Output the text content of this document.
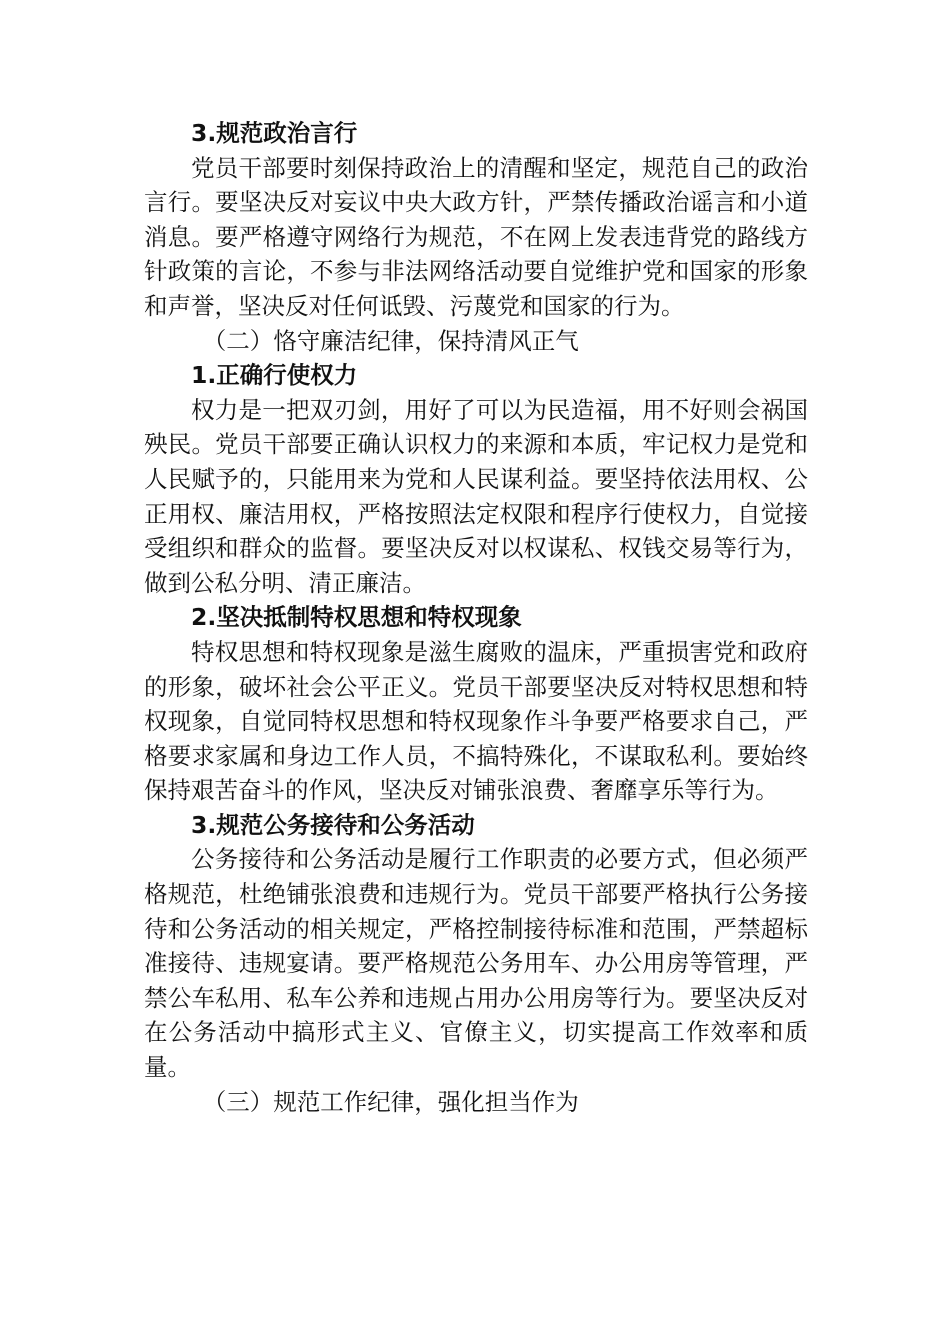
3.规范政治言行

党员干部要时刻保持政治上的清醒和坚定，规范自己的政治言行。要坚决反对妄议中央大政方针，严禁传播政治谣言和小道消息。要严格遵守网络行为规范，不在网上发表违背党的路线方针政策的言论，不参与非法网络活动要自觉维护党和国家的形象和声誉，坚决反对任何诋毁、污蔑党和国家的行为。

（二）恪守廉洁纪律，保持清风正气

1.正确行使权力

权力是一把双刃剑，用好了可以为民造福，用不好则会祸国殃民。党员干部要正确认识权力的来源和本质，牢记权力是党和人民赋予的，只能用来为党和人民谋利益。要坚持依法用权、公正用权、廉洁用权，严格按照法定权限和程序行使权力，自觉接受组织和群众的监督。要坚决反对以权谋私、权钱交易等行为，做到公私分明、清正廉洁。

2.坚决抵制特权思想和特权现象

特权思想和特权现象是滋生腐败的温床，严重损害党和政府的形象，破坏社会公平正义。党员干部要坚决反对特权思想和特权现象，自觉同特权思想和特权现象作斗争要严格要求自己，严格要求家属和身边工作人员，不搞特殊化，不谋取私利。要始终保持艰苦奋斗的作风，坚决反对铺张浪费、奢靡享乐等行为。

3.规范公务接待和公务活动

公务接待和公务活动是履行工作职责的必要方式，但必须严格规范，杜绝铺张浪费和违规行为。党员干部要严格执行公务接待和公务活动的相关规定，严格控制接待标准和范围，严禁超标准接待、违规宴请。要严格规范公务用车、办公用房等管理，严禁公车私用、私车公养和违规占用办公用房等行为。要坚决反对在公务活动中搞形式主义、官僚主义，切实提高工作效率和质量。

（三）规范工作纪律，强化担当作为
